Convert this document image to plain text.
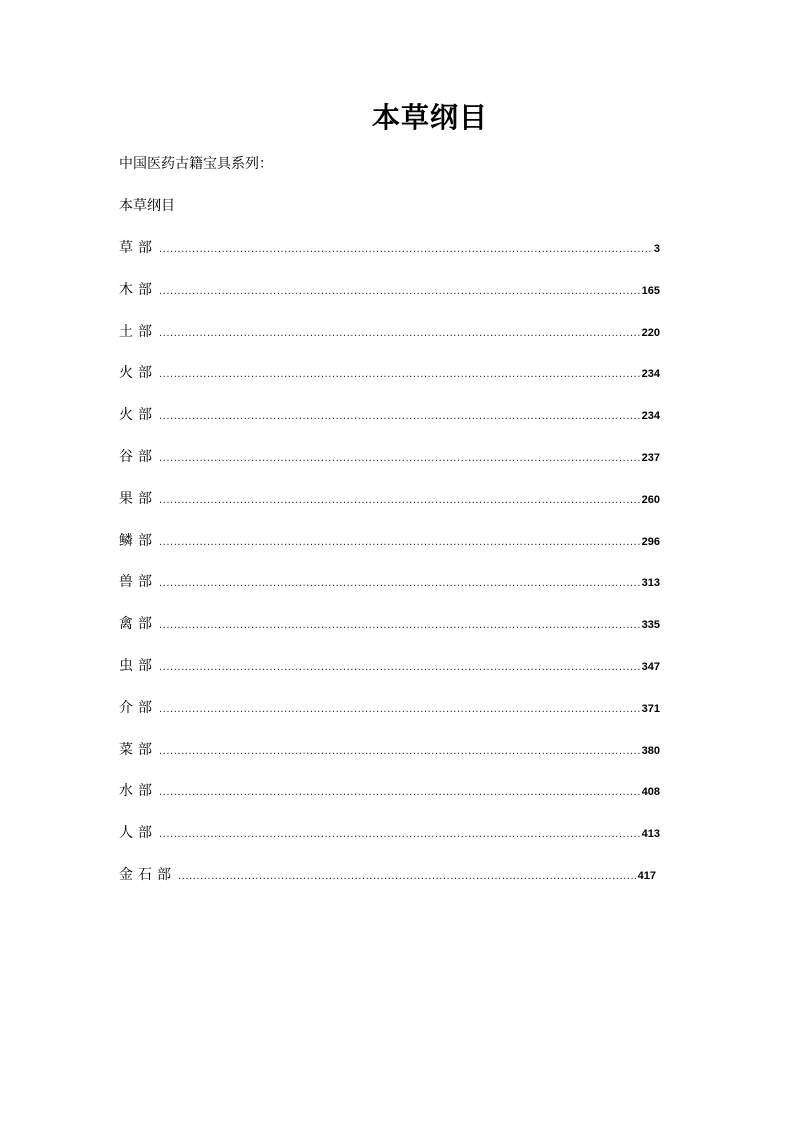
本草纲目
中国医药古籍宝具系列：
本草纲目
草部 .....	3
木部 .....	165
土部 .....	220
火部 .....	234
火部 .....	234
谷部 .....	237
果部 .....	260
鳞部 .....	296
兽部 .....	313
禽部 .....	335
虫部 .....	347
介部 .....	371
菜部 .....	380
水部 .....	408
人部 .....	413
金石部 .....	417
